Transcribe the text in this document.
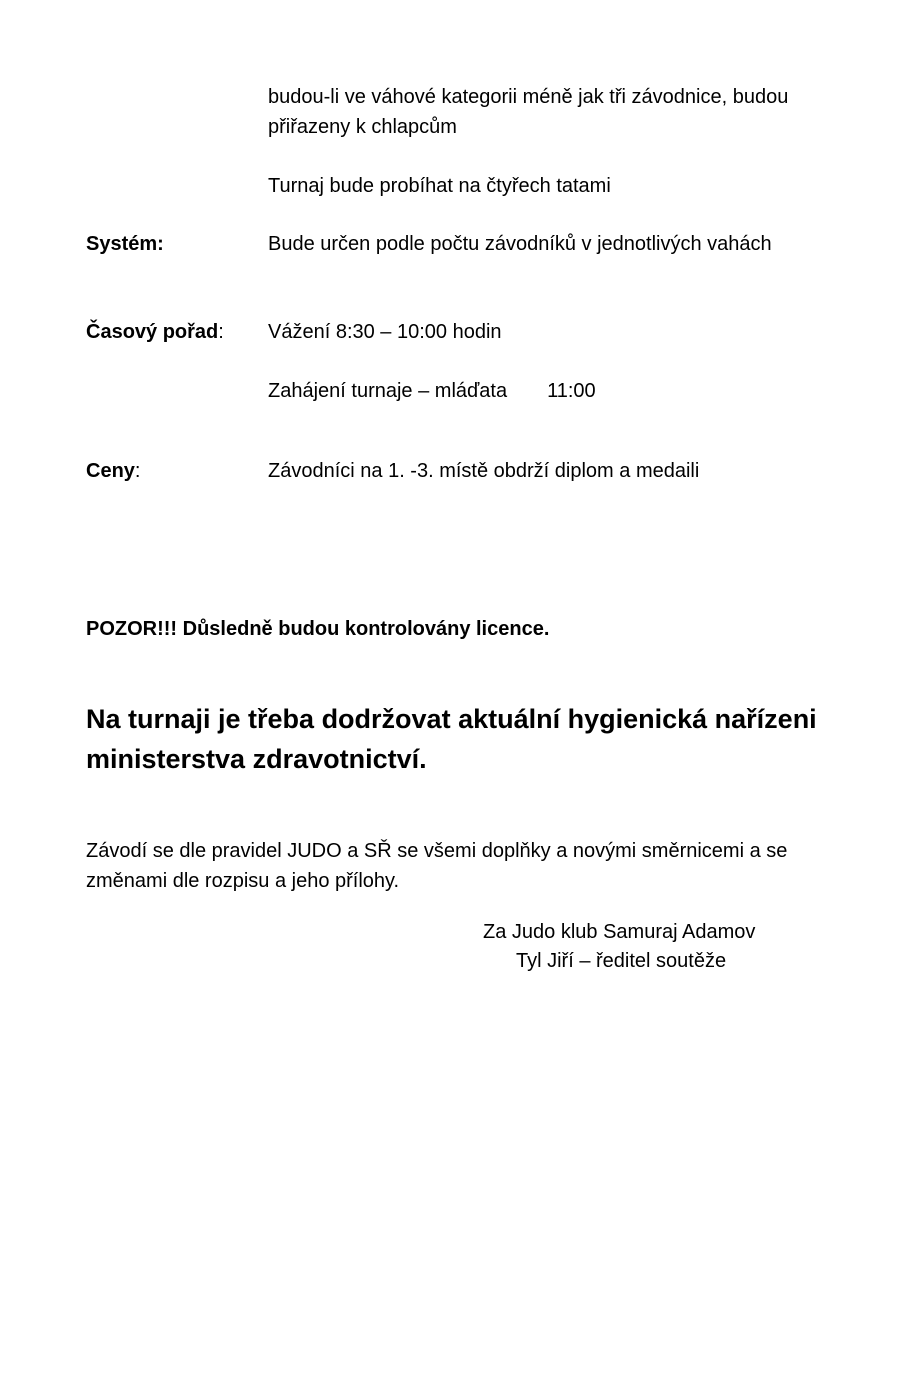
budou-li ve váhové kategorii méně jak tři závodnice, budou
přiřazeny k chlapcům
Turnaj bude probíhat na čtyřech tatami
Systém:	Bude určen podle počtu závodníků v jednotlivých vahách
Časový pořad: Vážení 8:30 – 10:00 hodin
Zahájení turnaje – mláďata 11:00
Ceny:	Závodníci na 1. -3. místě obdrží diplom a medaili
POZOR!!! Důsledně budou kontrolovány licence.
Na turnaji je třeba dodržovat aktuální hygienická nařízeni
ministerstva zdravotnictví.
Závodí se dle pravidel JUDO a SŘ se všemi doplňky a novými směrnicemi a se
změnami dle rozpisu a jeho přílohy.
Za Judo klub Samuraj Adamov
Tyl Jiří – ředitel soutěže
